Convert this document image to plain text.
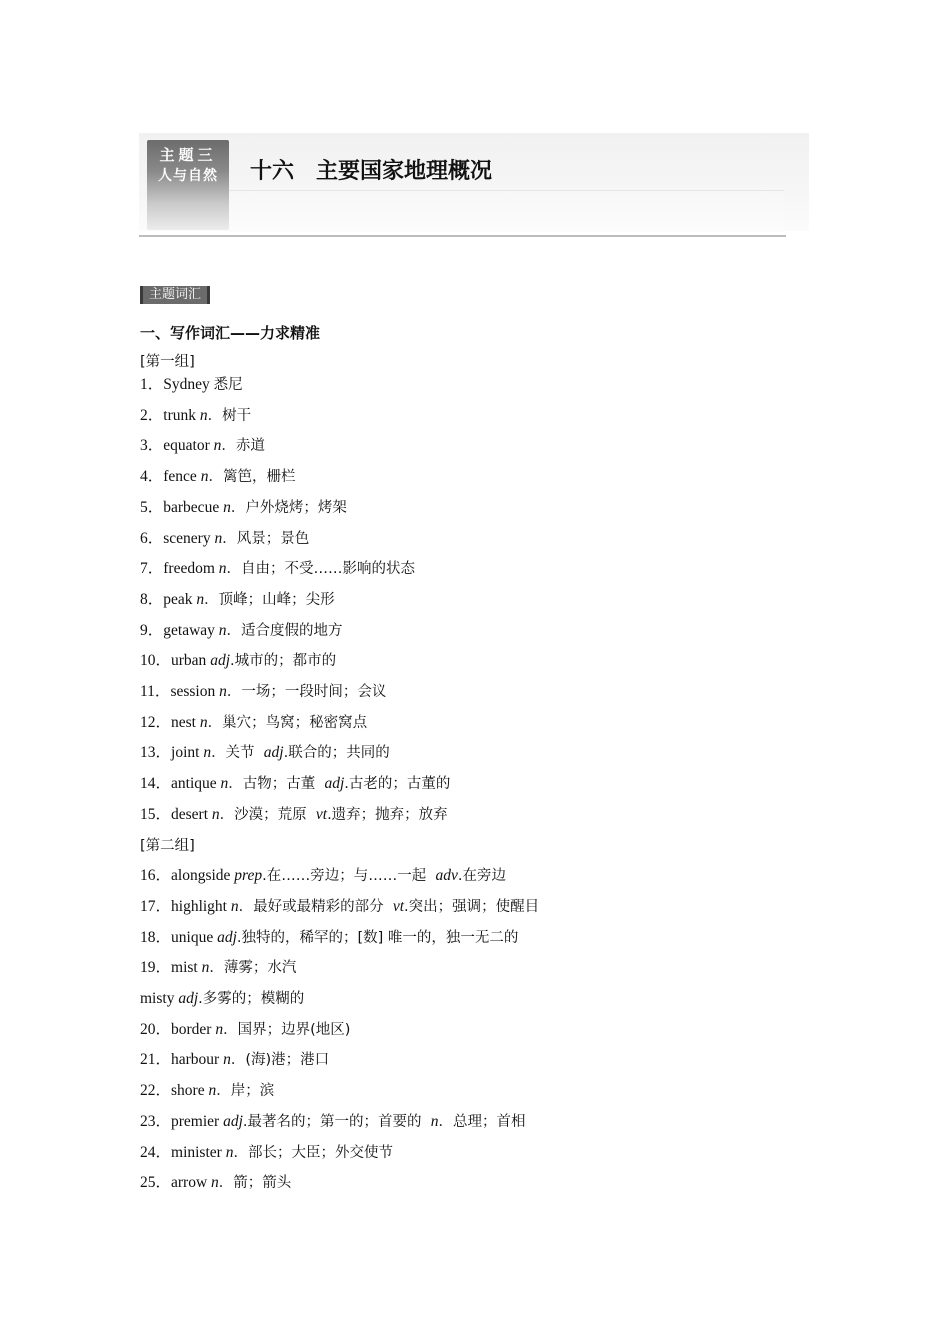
主题三
人与自然	十六　主要国家地理概况
主题词汇
一、写作词汇——力求精准
[第一组]
1．Sydney 悉尼
2．trunk n．树干
3．equator n．赤道
4．fence n．篱笆，栅栏
5．barbecue n．户外烧烤；烤架
6．scenery n．风景；景色
7．freedom n．自由；不受……影响的状态
8．peak n．顶峰；山峰；尖形
9．getaway n．适合度假的地方
10．urban adj.城市的；都市的
11．session n．一场；一段时间；会议
12．nest n．巢穴；鸟窝；秘密窝点
13．joint n．关节  adj.联合的；共同的
14．antique n．古物；古董  adj.古老的；古董的
15．desert n．沙漠；荒原  vt.遗弃；抛弃；放弃
16．alongside prep.在……旁边；与……一起  adv.在旁边
17．highlight n．最好或最精彩的部分  vt.突出；强调；使醒目
18．unique adj.独特的，稀罕的；[数] 唯一的，独一无二的
19．mist n．薄雾；水汽
misty adj.多雾的；模糊的
20．border n．国界；边界(地区)
21．harbour n．(海)港；港口
22．shore n．岸；滨
23．premier adj.最著名的；第一的；首要的  n．总理；首相
24．minister n．部长；大臣；外交使节
25．arrow n．箭；箭头
[第二组]
